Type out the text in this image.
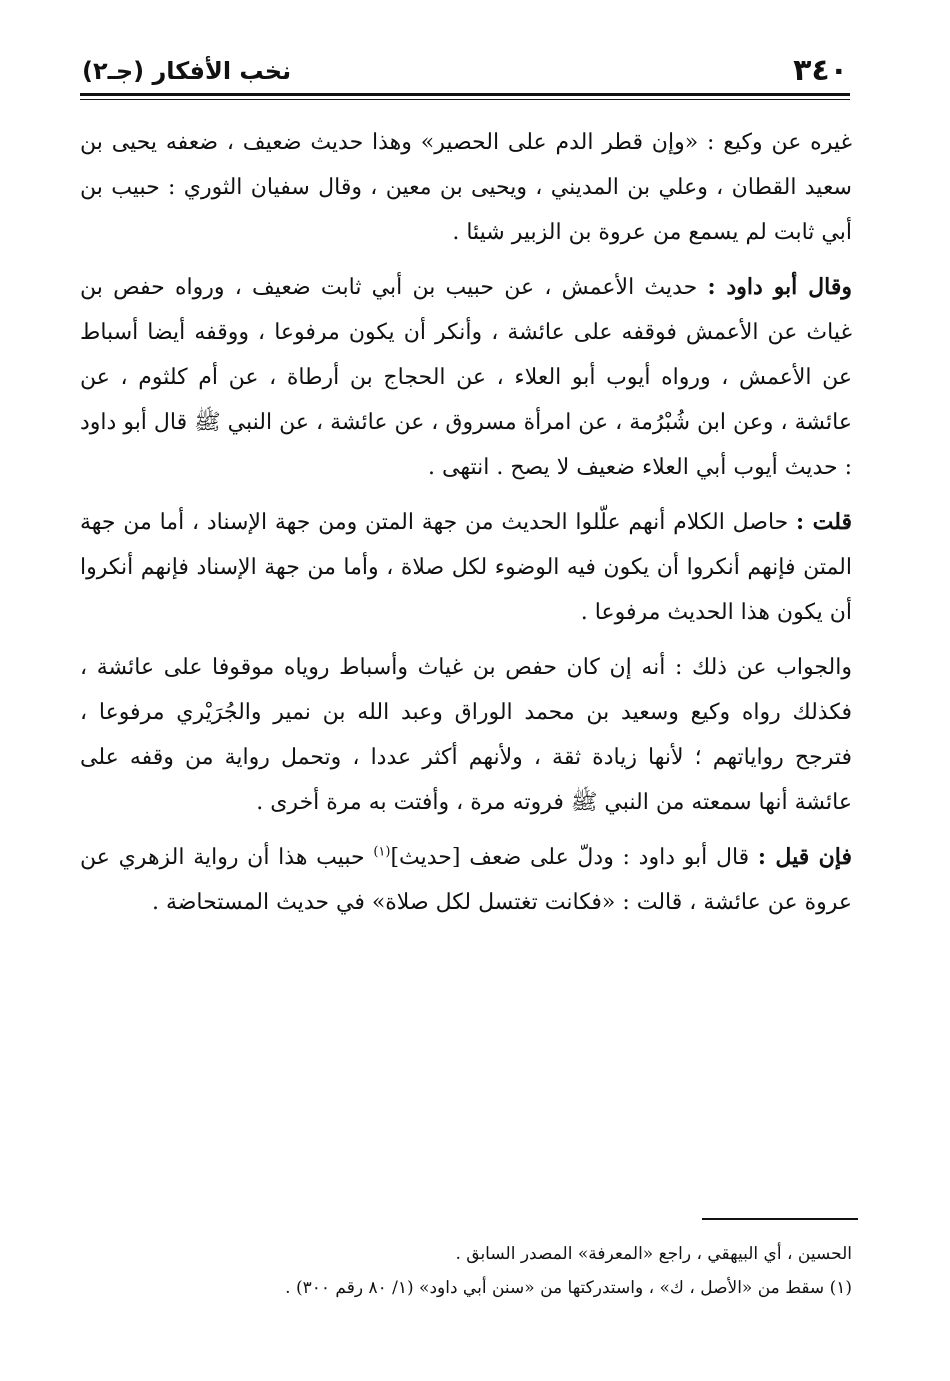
٣٤٠
نخب الأفكار (جـ٢)

غيره عن وكيع : «وإن قطر الدم على الحصير» وهذا حديث ضعيف ، ضعفه يحيى بن سعيد القطان ، وعلي بن المديني ، ويحيى بن معين ، وقال سفيان الثوري : حبيب بن أبي ثابت لم يسمع من عروة بن الزبير شيئا .

وقال أبو داود : حديث الأعمش ، عن حبيب بن أبي ثابت ضعيف ، ورواه حفص بن غياث عن الأعمش فوقفه على عائشة ، وأنكر أن يكون مرفوعا ، ووقفه أيضا أسباط عن الأعمش ، ورواه أيوب أبو العلاء ، عن الحجاج بن أرطاة ، عن أم كلثوم ، عن عائشة ، وعن ابن شُبْرُمة ، عن امرأة مسروق ، عن عائشة ، عن النبي ﷺ قال أبو داود : حديث أيوب أبي العلاء ضعيف لا يصح . انتهى .

قلت : حاصل الكلام أنهم علّلوا الحديث من جهة المتن ومن جهة الإسناد ، أما من جهة المتن فإنهم أنكروا أن يكون فيه الوضوء لكل صلاة ، وأما من جهة الإسناد فإنهم أنكروا أن يكون هذا الحديث مرفوعا .

والجواب عن ذلك : أنه إن كان حفص بن غياث وأسباط روياه موقوفا على عائشة ، فكذلك رواه وكيع وسعيد بن محمد الوراق وعبد الله بن نمير والجُرَيْري مرفوعا ، فترجح رواياتهم ؛ لأنها زيادة ثقة ، ولأنهم أكثر عددا ، وتحمل رواية من وقفه على عائشة أنها سمعته من النبي ﷺ فروته مرة ، وأفتت به مرة أخرى .

فإن قيل : قال أبو داود : ودلّ على ضعف [حديث]$^{(١)}$ حبيب هذا أن رواية الزهري عن عروة عن عائشة ، قالت : «فكانت تغتسل لكل صلاة» في حديث المستحاضة .

الحسين ، أي البيهقي ، راجع «المعرفة» المصدر السابق .

(١) سقط من «الأصل ، ك» ، واستدركتها من «سنن أبي داود» (١/ ٨٠ رقم ٣٠٠) .
